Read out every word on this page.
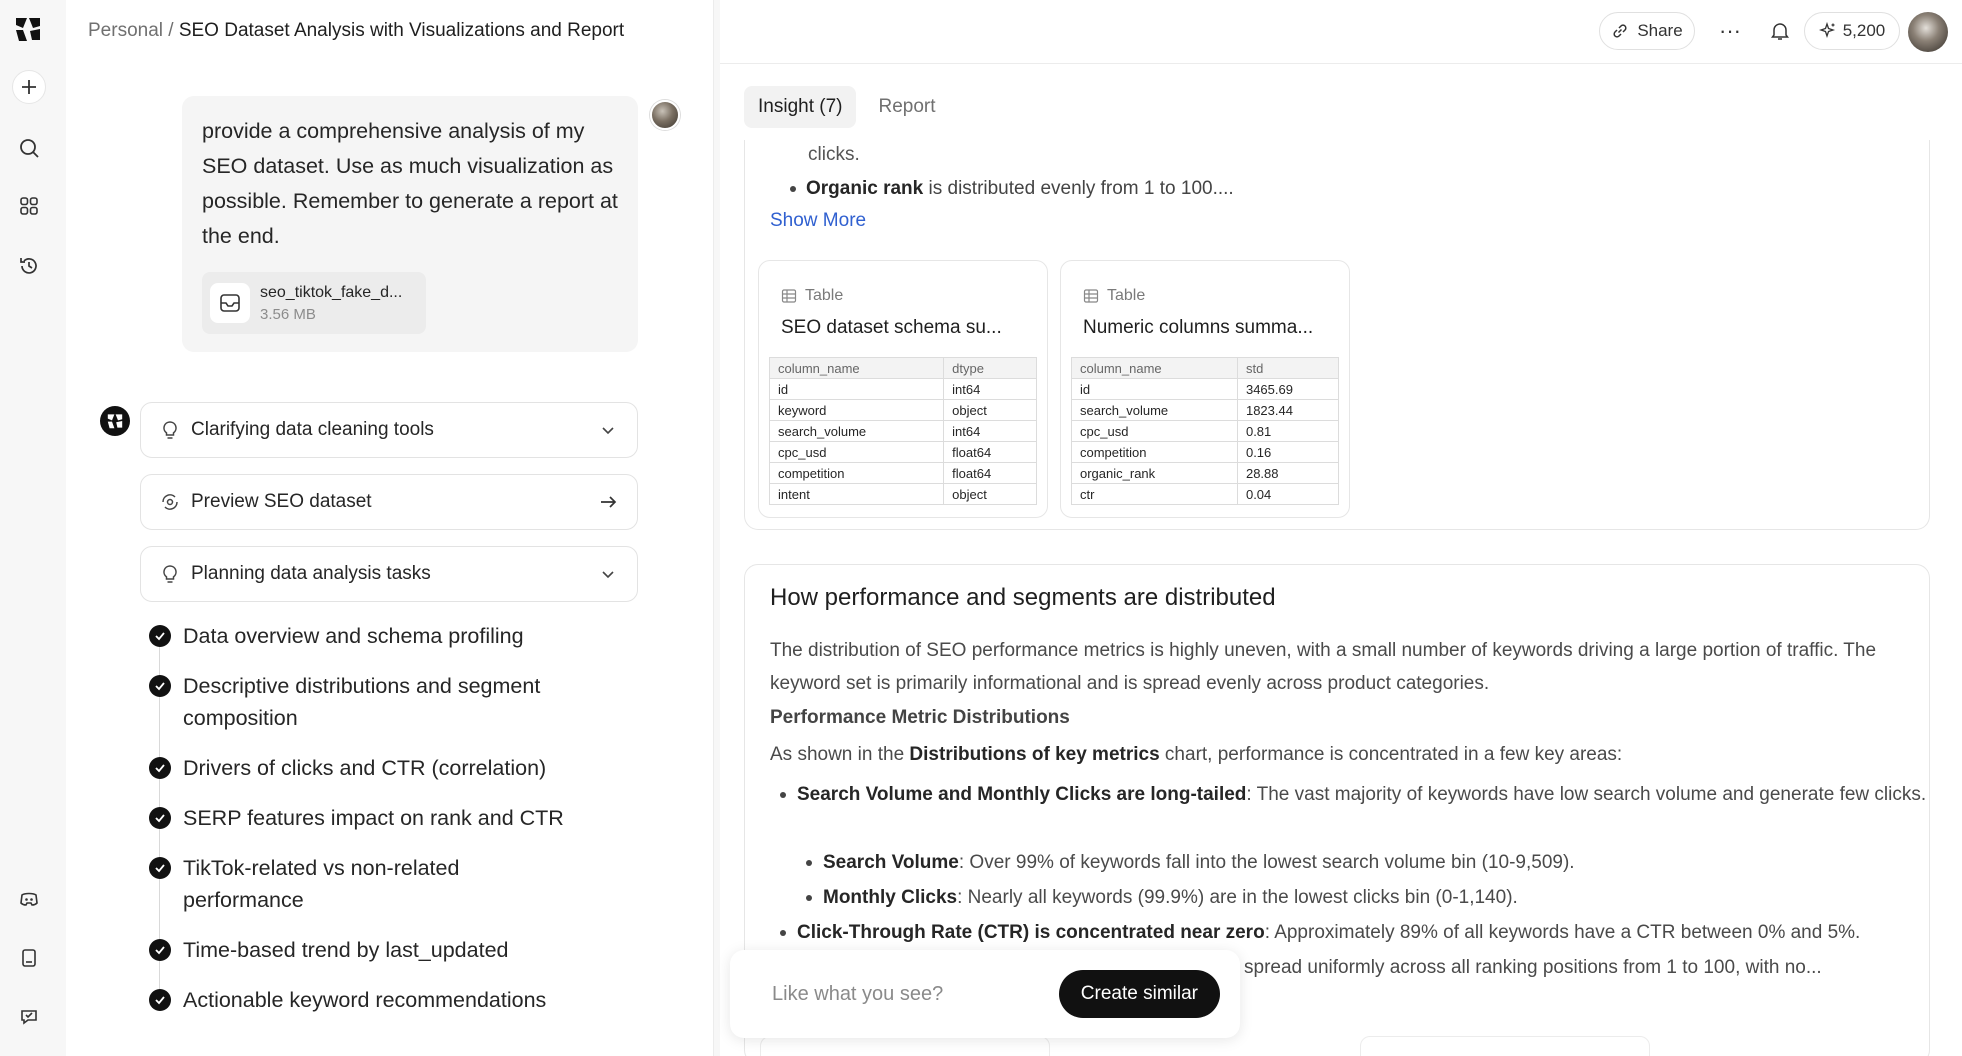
Personal / SEO Dataset Analysis with Visualizations and Report
provide a comprehensive analysis of my SEO dataset. Use as much visualization as possible. Remember to generate a report at the end.
seo_tiktok_fake_d...
3.56 MB
Clarifying data cleaning tools
Preview SEO dataset
Planning data analysis tasks
Data overview and schema profiling
Descriptive distributions and segment composition
Drivers of clicks and CTR (correlation)
SERP features impact on rank and CTR
TikTok-related vs non-related performance
Time-based trend by last_updated
Actionable keyword recommendations
Share ···	5,200
Insight (7)	Report
clicks.
Organic rank is distributed evenly from 1 to 100....
Show More
Table
SEO dataset schema su...
column_name	dtype
id	int64
keyword	object
search_volume	int64
cpc_usd	float64
competition	float64
intent	object
Table
Numeric columns summa...
column_name	std
id	3465.69
search_volume	1823.44
cpc_usd	0.81
competition	0.16
organic_rank	28.88
ctr	0.04
How performance and segments are distributed
The distribution of SEO performance metrics is highly uneven, with a small number of keywords driving a large portion of traffic. The keyword set is primarily informational and is spread evenly across product categories.
Performance Metric Distributions
As shown in the Distributions of key metrics chart, performance is concentrated in a few key areas:
Search Volume and Monthly Clicks are long-tailed: The vast majority of keywords have low search volume and generate few clicks.
Search Volume: Over 99% of keywords fall into the lowest search volume bin (10-9,509).
Monthly Clicks: Nearly all keywords (99.9%) are in the lowest clicks bin (0-1,140).
Click-Through Rate (CTR) is concentrated near zero: Approximately 89% of all keywords have a CTR between 0% and 5%.
spread uniformly across all ranking positions from 1 to 100, with no...
Like what you see?	Create similar
